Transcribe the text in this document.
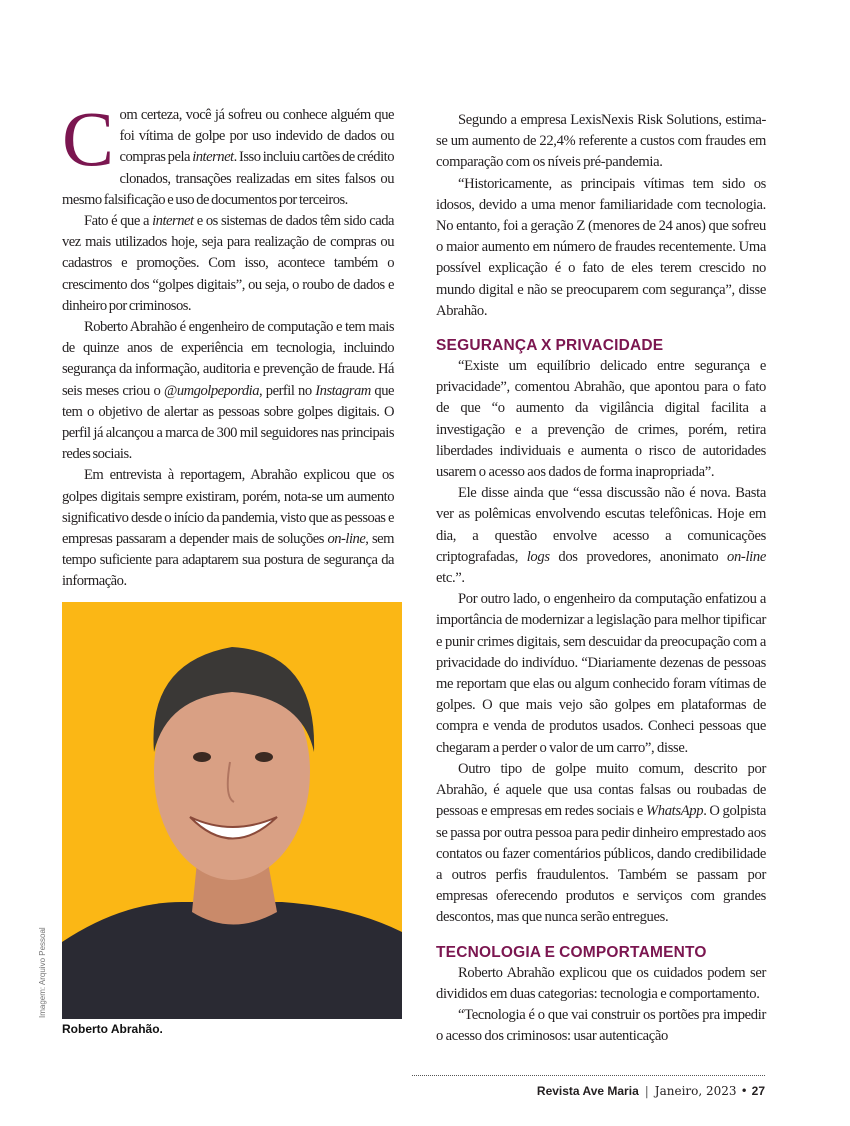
C om certeza, você já sofreu ou conhece alguém que foi vítima de golpe por uso indevido de dados ou compras pela internet. Isso incluiu cartões de crédito clonados, transações realizadas em sites falsos ou mesmo falsificação e uso de documentos por terceiros.

Fato é que a internet e os sistemas de dados têm sido cada vez mais utilizados hoje, seja para realização de compras ou cadastros e promoções. Com isso, acontece também o crescimento dos “golpes digitais”, ou seja, o roubo de dados e dinheiro por criminosos.

Roberto Abrahão é engenheiro de computação e tem mais de quinze anos de experiência em tecnologia, incluindo segurança da informação, auditoria e prevenção de fraude. Há seis meses criou o @umgolpepordia, perfil no Instagram que tem o objetivo de alertar as pessoas sobre golpes digitais. O perfil já alcançou a marca de 300 mil seguidores nas principais redes sociais.

Em entrevista à reportagem, Abrahão explicou que os golpes digitais sempre existiram, porém, nota-se um aumento significativo desde o início da pandemia, visto que as pessoas e empresas passaram a depender mais de soluções on-line, sem tempo suficiente para adaptarem sua postura de segurança da informação.

Segundo a empresa LexisNexis Risk Solutions, estima-se um aumento de 22,4% referente a custos com fraudes em comparação com os níveis pré-pandemia.

“Historicamente, as principais vítimas tem sido os idosos, devido a uma menor familiaridade com tecnologia. No entanto, foi a geração Z (menores de 24 anos) que sofreu o maior aumento em número de fraudes recentemente. Uma possível explicação é o fato de eles terem crescido no mundo digital e não se preocuparem com segurança”, disse Abrahão.

SEGURANÇA X PRIVACIDADE

“Existe um equilíbrio delicado entre segurança e privacidade”, comentou Abrahão, que apontou para o fato de que “o aumento da vigilância digital facilita a investigação e a prevenção de crimes, porém, retira liberdades individuais e aumenta o risco de autoridades usarem o acesso aos dados de forma inapropriada”.

Ele disse ainda que “essa discussão não é nova. Basta ver as polêmicas envolvendo escutas telefônicas. Hoje em dia, a questão envolve acesso a comunicações criptografadas, logs dos provedores, anonimato on-line etc.”.

Por outro lado, o engenheiro da computação enfatizou a importância de modernizar a legislação para melhor tipificar e punir crimes digitais, sem descuidar da preocupação com a privacidade do indivíduo. “Diariamente dezenas de pessoas me reportam que elas ou algum conhecido foram vítimas de golpes. O que mais vejo são golpes em plataformas de compra e venda de produtos usados. Conheci pessoas que chegaram a perder o valor de um carro”, disse.

Outro tipo de golpe muito comum, descrito por Abrahão, é aquele que usa contas falsas ou roubadas de pessoas e empresas em redes sociais e WhatsApp. O golpista se passa por outra pessoa para pedir dinheiro emprestado aos contatos ou fazer comentários públicos, dando credibilidade a outros perfis fraudulentos. Também se passam por empresas oferecendo produtos e serviços com grandes descontos, mas que nunca serão entregues.

TECNOLOGIA E COMPORTAMENTO

Roberto Abrahão explicou que os cuidados podem ser divididos em duas categorias: tecnologia e comportamento.

“Tecnologia é o que vai construir os portões pra impedir o acesso dos criminosos: usar autenticação

Imagem: Arquivo Pessoal
Roberto Abrahão.
Revista Ave Maria | Janeiro, 2023 • 27
